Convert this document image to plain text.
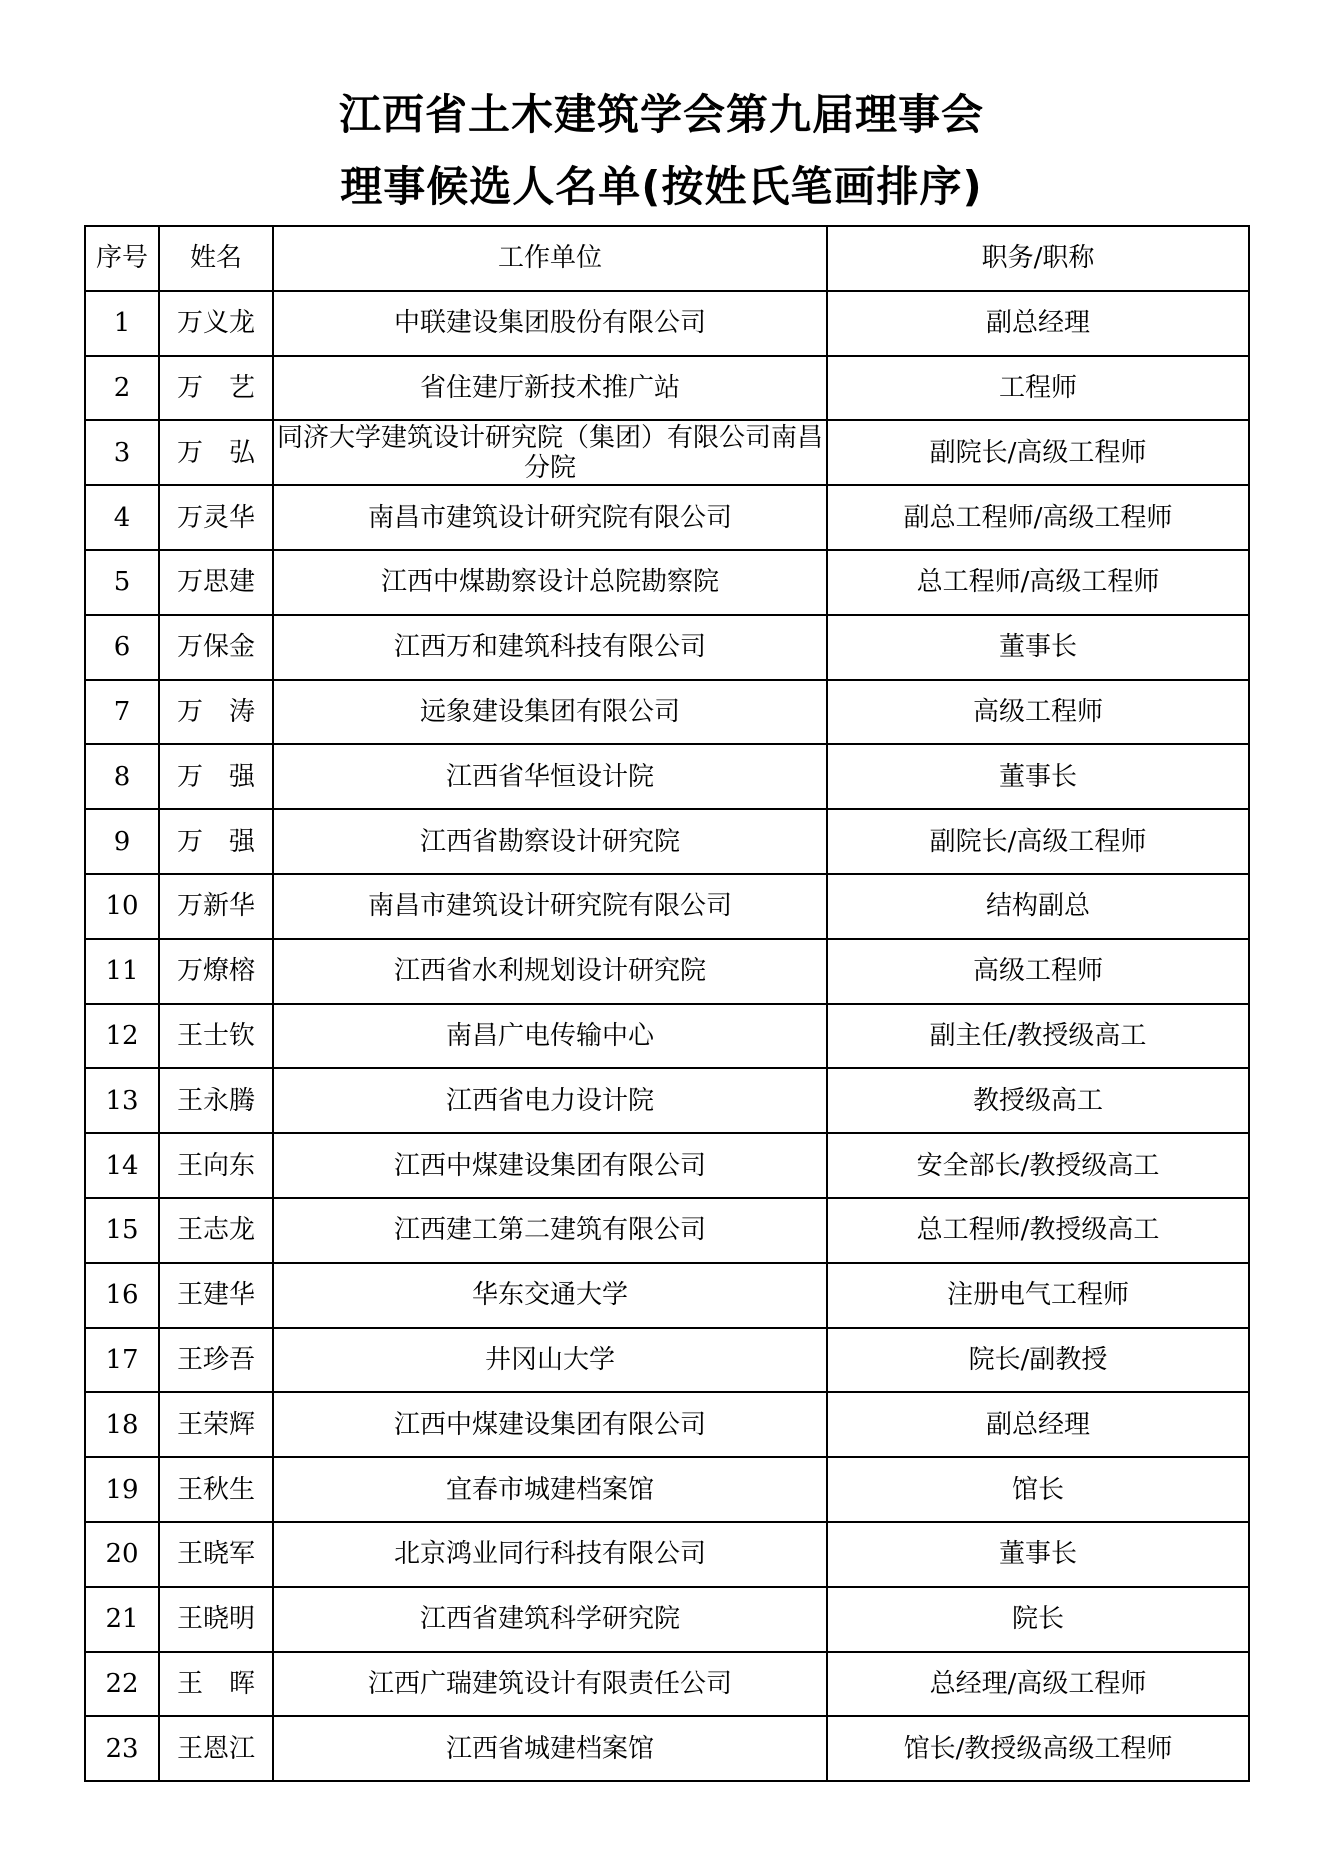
江西省土木建筑学会第九届理事会
理事候选人名单(按姓氏笔画排序)
序号	姓名	工作单位	职务/职称
1	万义龙	中联建设集团股份有限公司	副总经理
2	万　艺	省住建厅新技术推广站	工程师
3	万　弘	同济大学建筑设计研究院（集团）有限公司南昌分院	副院长/高级工程师
4	万灵华	南昌市建筑设计研究院有限公司	副总工程师/高级工程师
5	万思建	江西中煤勘察设计总院勘察院	总工程师/高级工程师
6	万保金	江西万和建筑科技有限公司	董事长
7	万　涛	远象建设集团有限公司	高级工程师
8	万　强	江西省华恒设计院	董事长
9	万　强	江西省勘察设计研究院	副院长/高级工程师
10	万新华	南昌市建筑设计研究院有限公司	结构副总
11	万燎榕	江西省水利规划设计研究院	高级工程师
12	王士钦	南昌广电传输中心	副主任/教授级高工
13	王永腾	江西省电力设计院	教授级高工
14	王向东	江西中煤建设集团有限公司	安全部长/教授级高工
15	王志龙	江西建工第二建筑有限公司	总工程师/教授级高工
16	王建华	华东交通大学	注册电气工程师
17	王珍吾	井冈山大学	院长/副教授
18	王荣辉	江西中煤建设集团有限公司	副总经理
19	王秋生	宜春市城建档案馆	馆长
20	王晓军	北京鸿业同行科技有限公司	董事长
21	王晓明	江西省建筑科学研究院	院长
22	王　晖	江西广瑞建筑设计有限责任公司	总经理/高级工程师
23	王恩江	江西省城建档案馆	馆长/教授级高级工程师
